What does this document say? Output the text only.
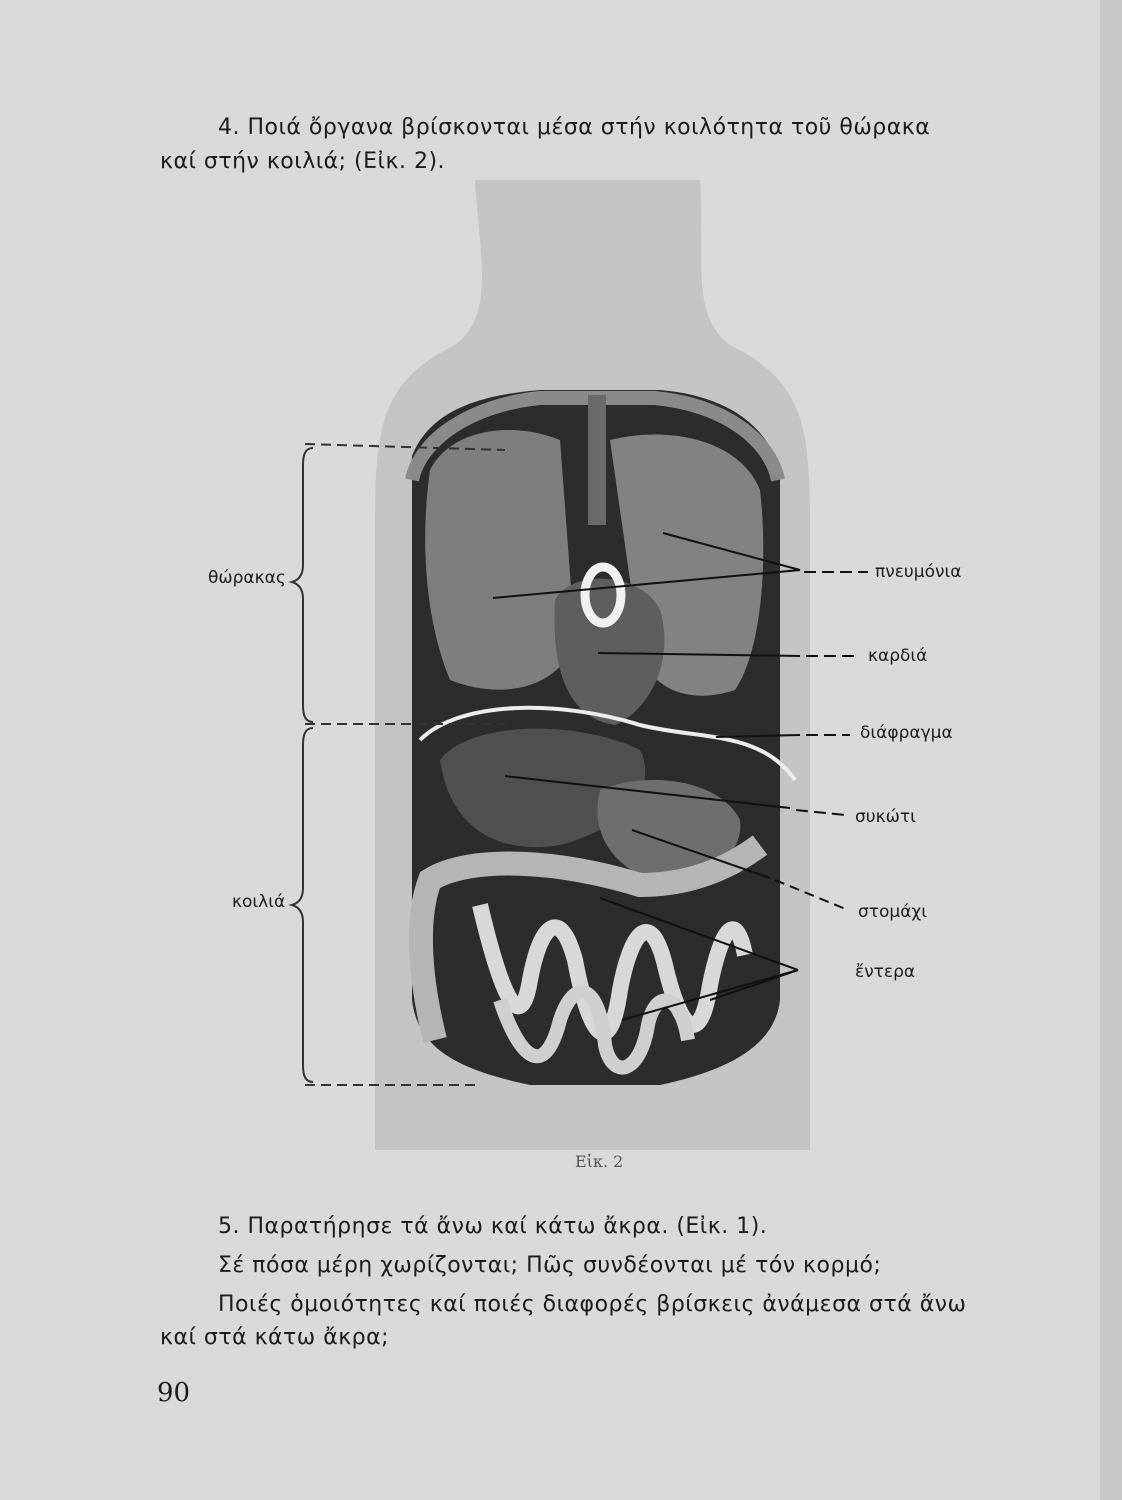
4. Ποιά ὄργανα βρίσκονται μέσα στήν κοιλότητα τοῦ θώρακα
καί στήν κοιλιά; (Εἰκ. 2).
θώρακας
κοιλιά
πνευμόνια
καρδιά
διάφραγμα
συκώτι
στομάχι
ἔντερα
Εἰκ. 2
5. Παρατήρησε τά ἄνω καί κάτω ἄκρα. (Εἰκ. 1).
Σέ πόσα μέρη χωρίζονται; Πῶς συνδέονται μέ τόν κορμό;
Ποιές ὁμοιότητες καί ποιές διαφορές βρίσκεις ἀνάμεσα στά ἄνω
καί στά κάτω ἄκρα;
90
